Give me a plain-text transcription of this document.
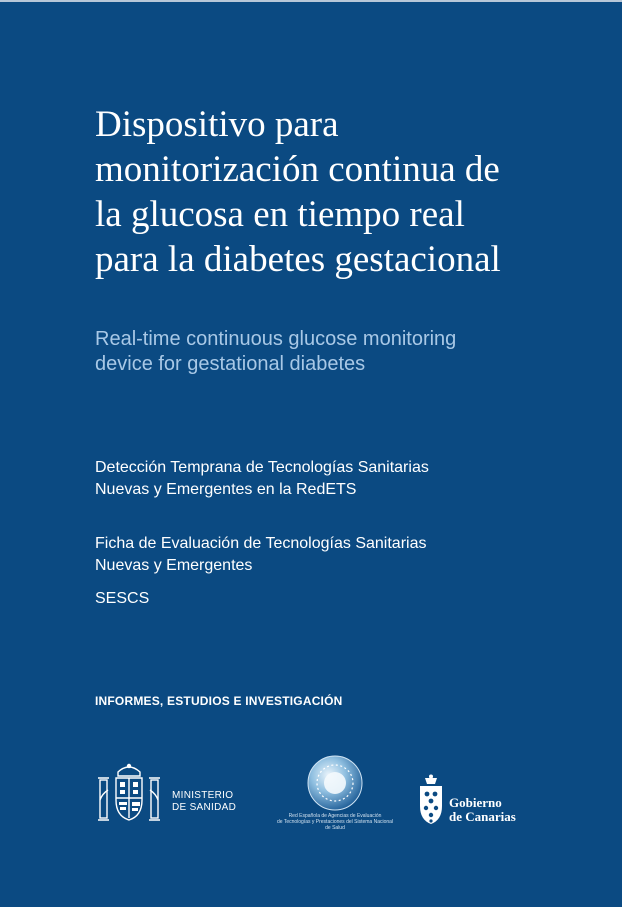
Dispositivo para monitorización continua de la glucosa en tiempo real para la diabetes gestacional

Real-time continuous glucose monitoring device for gestational diabetes

Detección Temprana de Tecnologías Sanitarias
Nuevas y Emergentes en la RedETS

Ficha de Evaluación de Tecnologías Sanitarias
Nuevas y Emergentes

SESCS

INFORMES, ESTUDIOS E INVESTIGACIÓN

MINISTERIO
DE SANIDAD
Red Española de Agencias de Evaluación
de Tecnologías y Prestaciones del Sistema Nacional de Salud
Gobierno
de Canarias
